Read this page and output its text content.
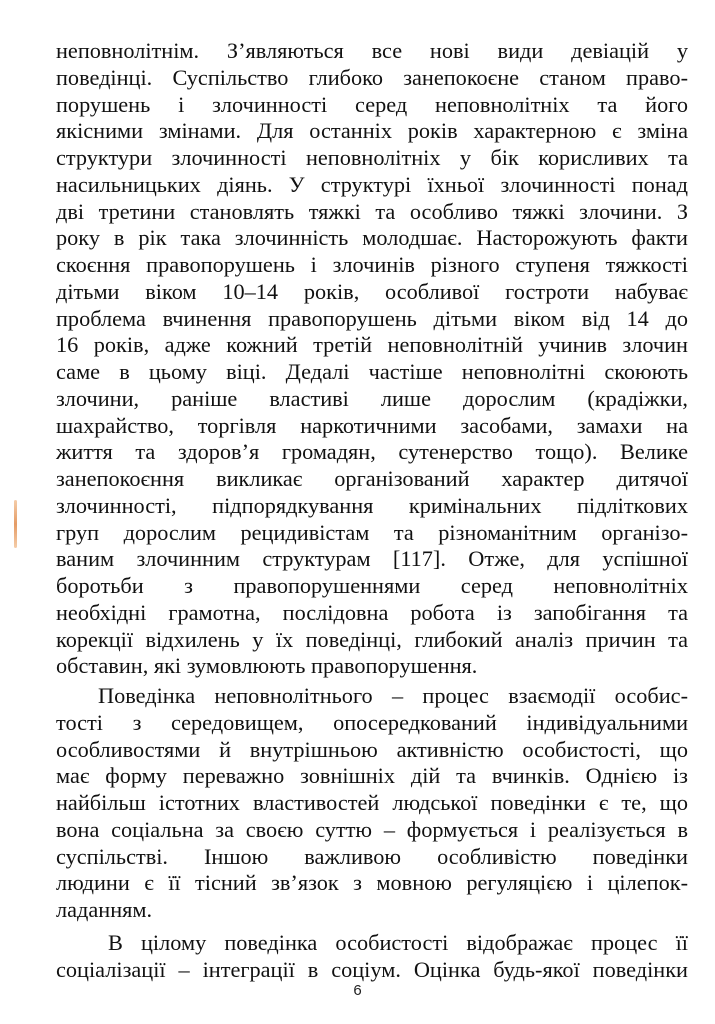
неповнолітнім. З’являються все нові види девіацій у
поведінці. Суспільство глибоко занепокоєне станом право-
порушень і злочинності серед неповнолітніх та його
якісними змінами. Для останніх років характерною є зміна
структури злочинності неповнолітніх у бік корисливих та
насильницьких діянь. У структурі їхньої злочинності понад
дві третини становлять тяжкі та особливо тяжкі злочини. З
року в рік така злочинність молодшає. Насторожують факти
скоєння правопорушень і злочинів різного ступеня тяжкості
дітьми віком 10–14 років, особливої гостроти набуває
проблема вчинення правопорушень дітьми віком від 14 до
16 років, адже кожний третій неповнолітній учинив злочин
саме в цьому віці. Дедалі частіше неповнолітні скоюють
злочини, раніше властиві лише дорослим (крадіжки,
шахрайство, торгівля наркотичними засобами, замахи на
життя та здоров’я громадян, сутенерство тощо). Велике
занепокоєння викликає організований характер дитячої
злочинності, підпорядкування кримінальних підліткових
груп дорослим рецидивістам та різноманітним організо-
ваним злочинним структурам [117]. Отже, для успішної
боротьби з правопорушеннями серед неповнолітніх
необхідні грамотна, послідовна робота із запобігання та
корекції відхилень у їх поведінці, глибокий аналіз причин та
обставин, які зумовлюють правопорушення.
Поведінка неповнолітнього – процес взаємодії особис-
тості з середовищем, опосередкований індивідуальними
особливостями й внутрішньою активністю особистості, що
має форму переважно зовнішніх дій та вчинків. Однією із
найбільш істотних властивостей людської поведінки є те, що
вона соціальна за своєю суттю – формується і реалізується в
суспільстві. Іншою важливою особливістю поведінки
людини є її тісний зв’язок з мовною регуляцією і цілепок-
ладанням.
В цілому поведінка особистості відображає процес її
соціалізації – інтеграції в соціум. Оцінка будь-якої поведінки
6
